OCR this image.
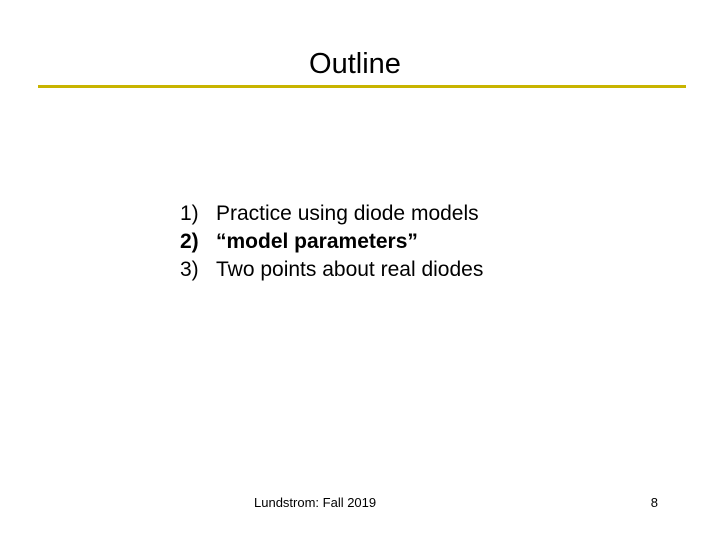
Outline
1) Practice using diode models
2) “model parameters”
3) Two points about real diodes
Lundstrom: Fall 2019	8
